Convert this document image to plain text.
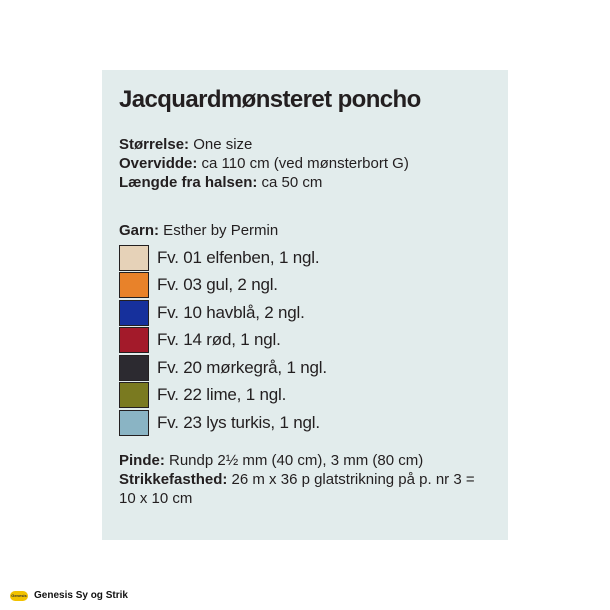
Jacquardmønsteret poncho
Størrelse: One size
Overvidde: ca 110 cm (ved mønsterbort G)
Længde fra halsen: ca 50 cm
Garn: Esther by Permin
Fv. 01 elfenben, 1 ngl.
Fv. 03 gul, 2 ngl.
Fv. 10 havblå, 2 ngl.
Fv. 14 rød, 1 ngl.
Fv. 20 mørkegrå, 1 ngl.
Fv. 22 lime, 1 ngl.
Fv. 23 lys turkis, 1 ngl.
Pinde: Rundp 2½ mm (40 cm), 3 mm (80 cm)
Strikkefasthed: 26 m x 36 p glatstrikning på p. nr 3 =
10 x 10 cm
Genesis Genesis Sy og Strik
